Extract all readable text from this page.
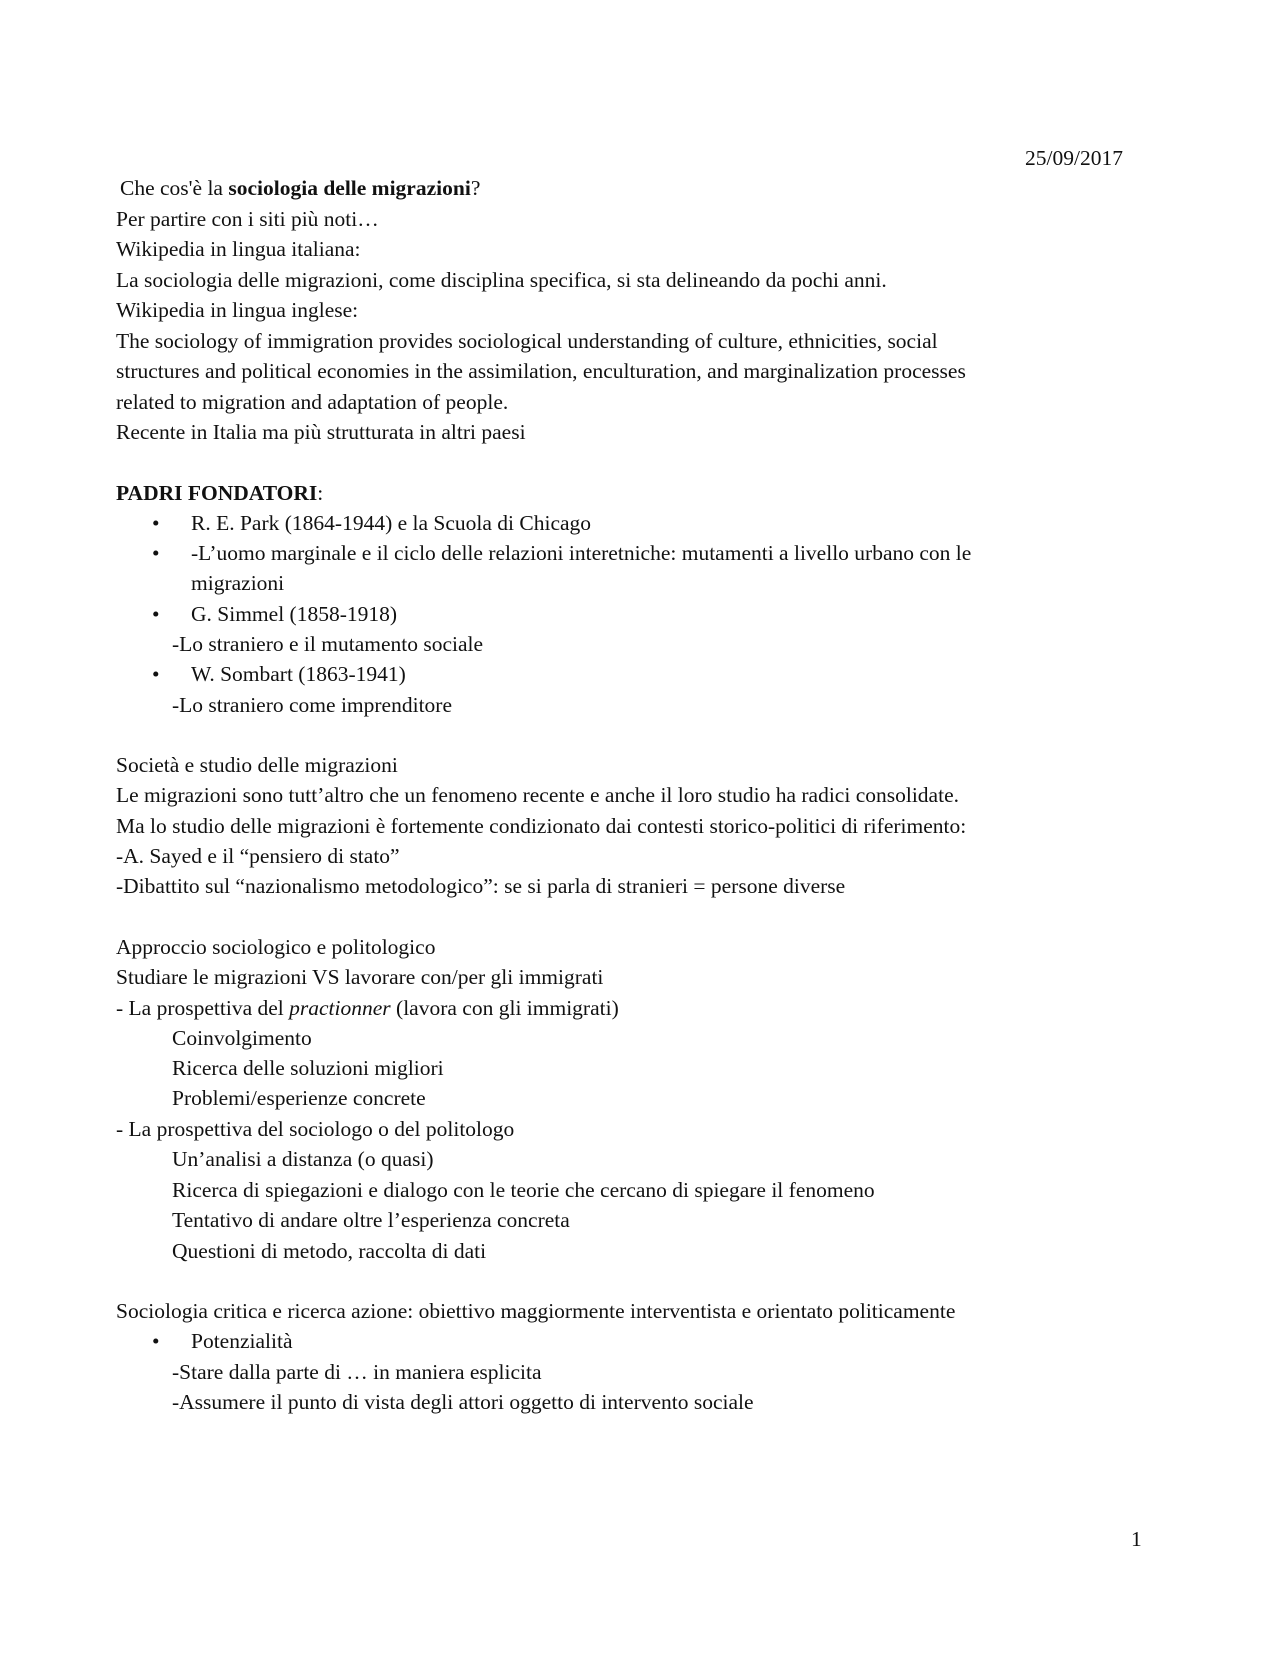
25/09/2017
Che cos'è la sociologia delle migrazioni?
Per partire con i siti più noti…
Wikipedia in lingua italiana:
La sociologia delle migrazioni, come disciplina specifica, si sta delineando da pochi anni.
Wikipedia in lingua inglese:
The sociology of immigration provides sociological understanding of culture, ethnicities, social
structures and political economies in the assimilation, enculturation, and marginalization processes
related to migration and adaptation of people.
Recente in Italia ma più strutturata in altri paesi
PADRI FONDATORI:
• R. E. Park (1864-1944) e la Scuola di Chicago
• -L’uomo marginale e il ciclo delle relazioni interetniche: mutamenti a livello urbano con le
migrazioni
• G. Simmel (1858-1918)
-Lo straniero e il mutamento sociale
• W. Sombart (1863-1941)
-Lo straniero come imprenditore
Società e studio delle migrazioni
Le migrazioni sono tutt’altro che un fenomeno recente e anche il loro studio ha radici consolidate.
Ma lo studio delle migrazioni è fortemente condizionato dai contesti storico-politici di riferimento:
-A. Sayed e il “pensiero di stato”
-Dibattito sul “nazionalismo metodologico”: se si parla di stranieri = persone diverse
Approccio sociologico e politologico
Studiare le migrazioni VS lavorare con/per gli immigrati
- La prospettiva del practionner (lavora con gli immigrati)
Coinvolgimento
Ricerca delle soluzioni migliori
Problemi/esperienze concrete
- La prospettiva del sociologo o del politologo
Un’analisi a distanza (o quasi)
Ricerca di spiegazioni e dialogo con le teorie che cercano di spiegare il fenomeno
Tentativo di andare oltre l’esperienza concreta
Questioni di metodo, raccolta di dati
Sociologia critica e ricerca azione: obiettivo maggiormente interventista e orientato politicamente
• Potenzialità
-Stare dalla parte di … in maniera esplicita
-Assumere il punto di vista degli attori oggetto di intervento sociale
1
